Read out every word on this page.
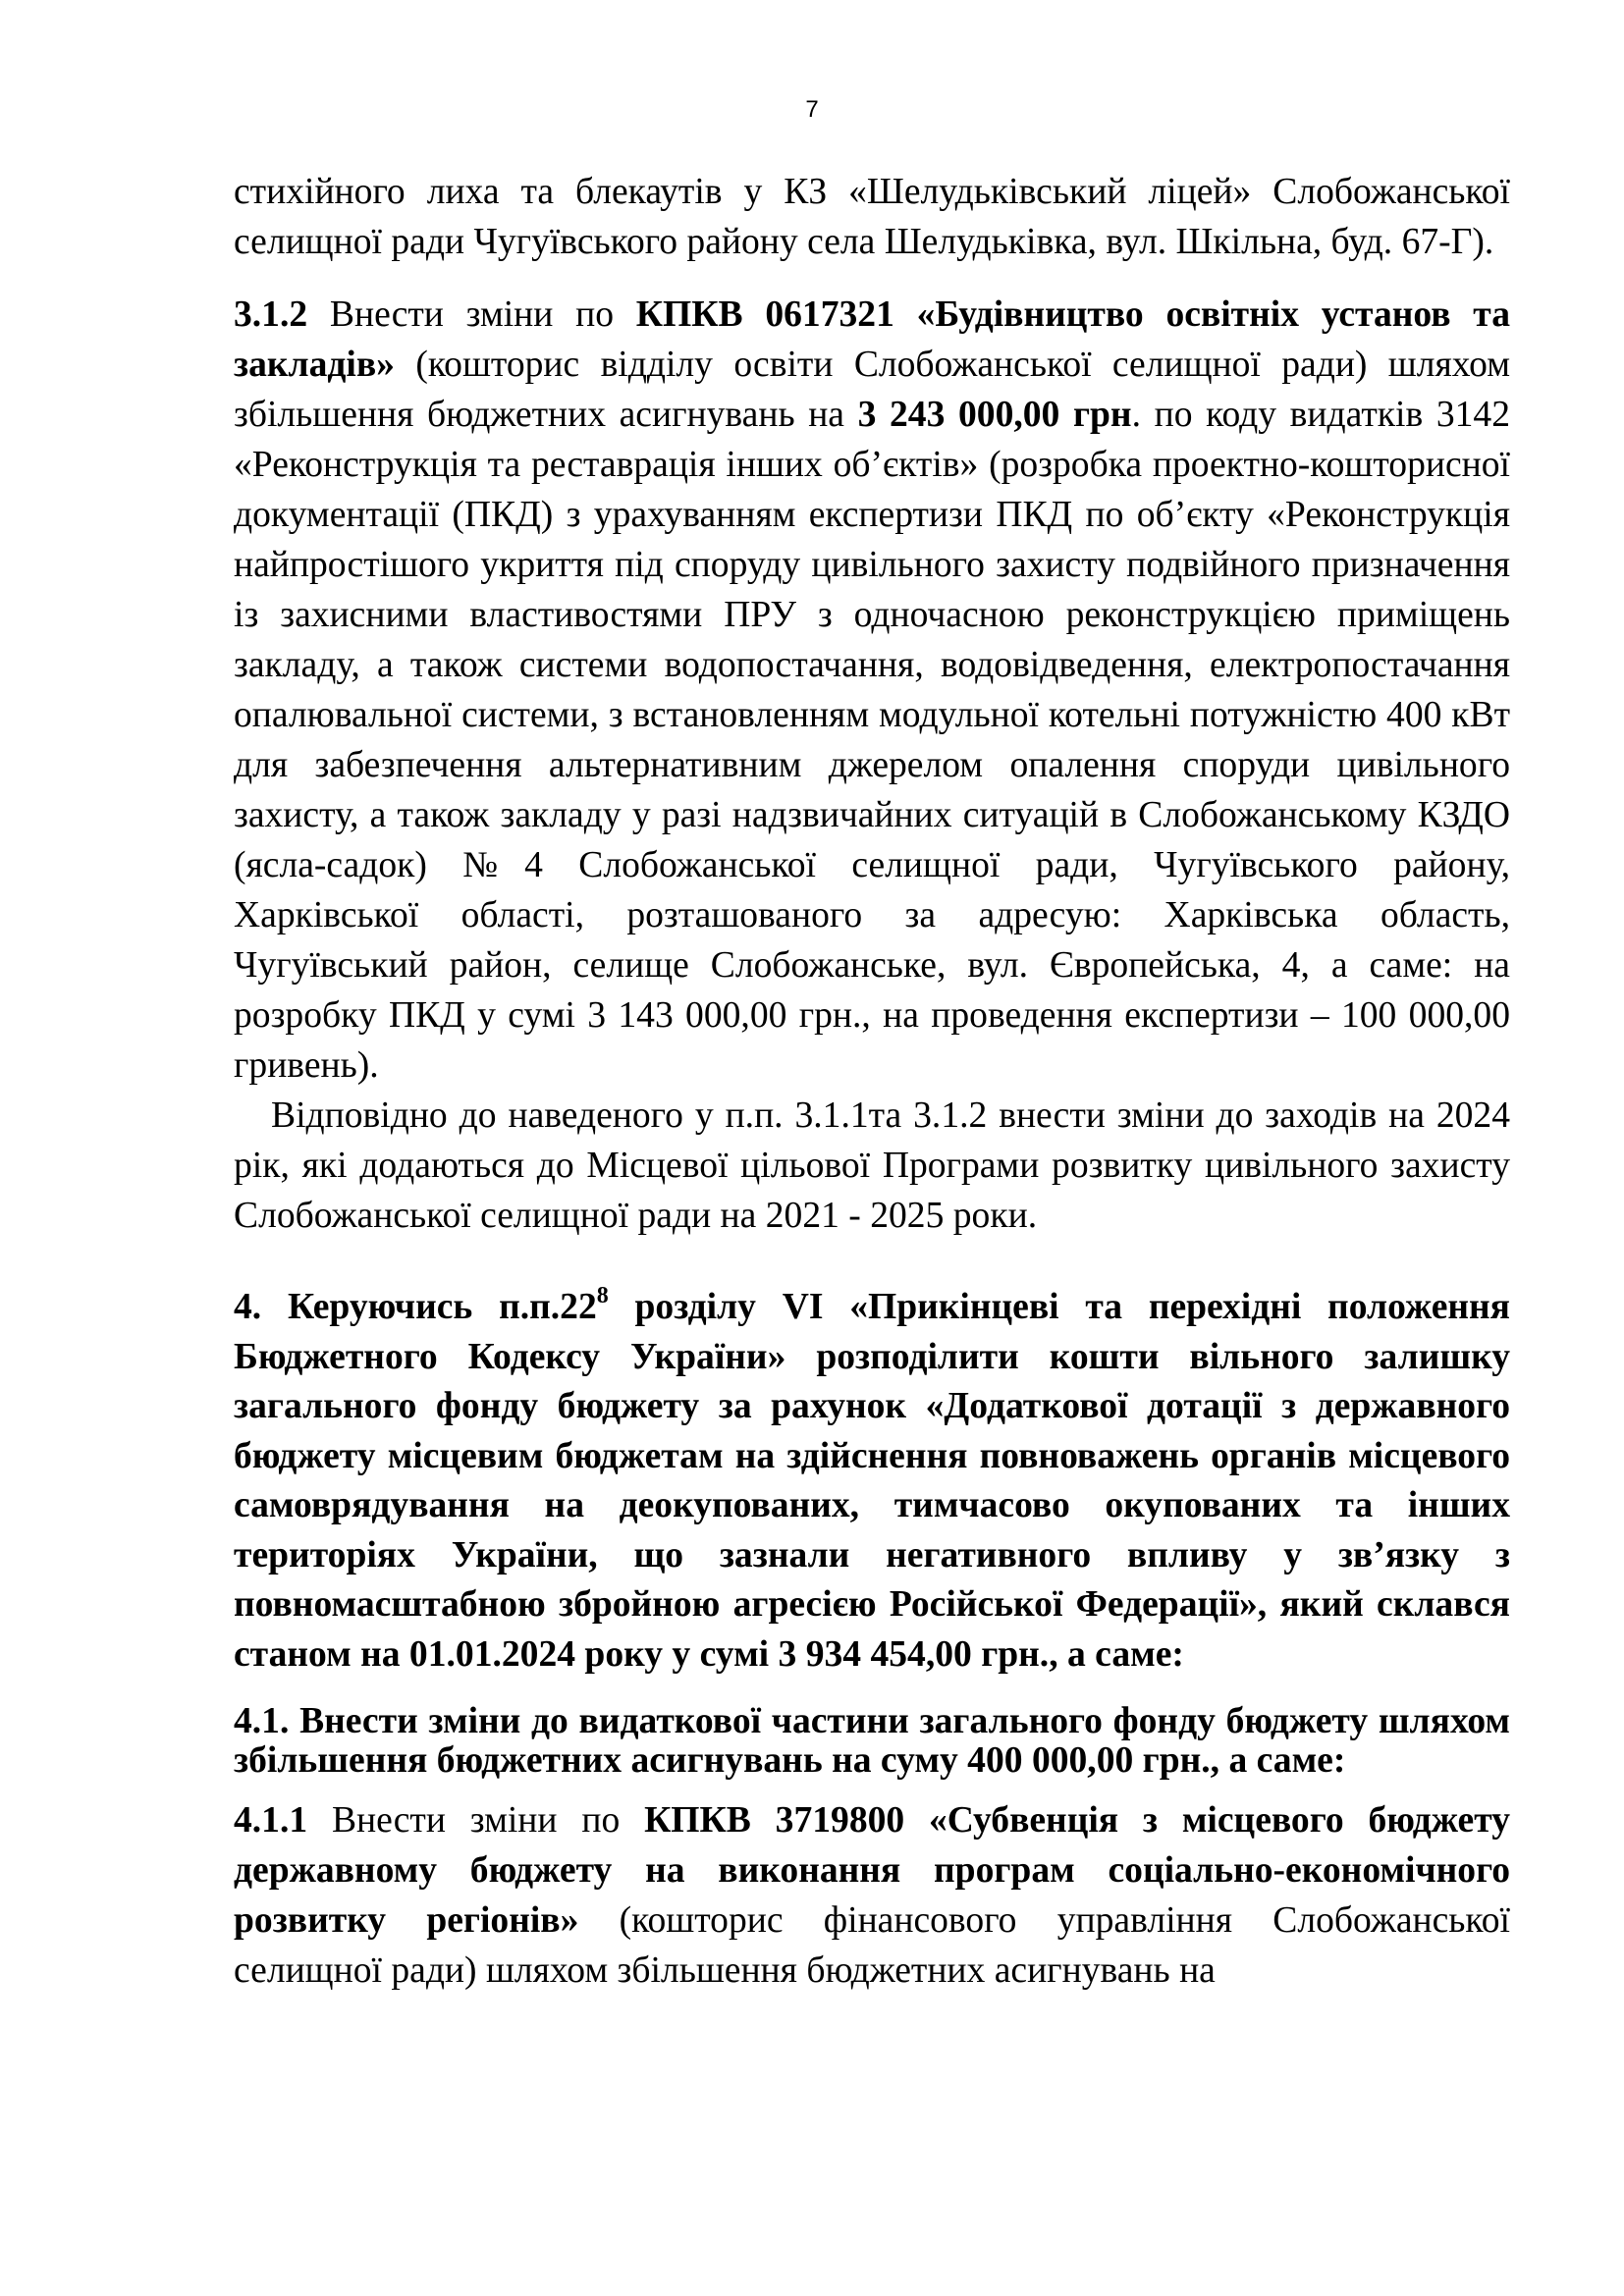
7

стихійного лиха та блекаутів у КЗ «Шелудьківський ліцей» Слобожанської селищної ради Чугуївського району села Шелудьківка, вул. Шкільна, буд. 67-Г).

3.1.2 Внести зміни по КПКВ 0617321 «Будівництво освітніх установ та закладів» (кошторис відділу освіти Слобожанської селищної ради) шляхом збільшення бюджетних асигнувань на 3 243 000,00 грн. по коду видатків 3142 «Реконструкція та реставрація інших об’єктів» (розробка проектно-кошторисної документації (ПКД) з урахуванням експертизи ПКД по об’єкту «Реконструкція найпростішого укриття під споруду цивільного захисту подвійного призначення із захисними властивостями ПРУ з одночасною реконструкцією приміщень закладу, а також системи водопостачання, водовідведення, електропостачання опалювальної системи, з встановленням модульної котельні потужністю 400 кВт для забезпечення альтернативним джерелом опалення споруди цивільного захисту, а також закладу у разі надзвичайних ситуацій в Слобожанському КЗДО (ясла-садок) №4 Слобожанської селищної ради, Чугуївського району, Харківської області, розташованого за адресую: Харківська область, Чугуївський район, селище Слобожанське, вул. Європейська, 4, а саме: на розробку ПКД у сумі 3 143 000,00 грн., на проведення експертизи – 100 000,00 гривень).

Відповідно до наведеного у п.п. 3.1.1та 3.1.2 внести зміни до заходів на 2024 рік, які додаються до Місцевої цільової Програми розвитку цивільного захисту Слобожанської селищної ради на 2021 - 2025 роки.

4. Керуючись $п.п.22^8$ розділу VI «Прикінцеві та перехідні положення Бюджетного Кодексу України» розподілити кошти вільного залишку загального фонду бюджету за рахунок «Додаткової дотації з державного бюджету місцевим бюджетам на здійснення повноважень органів місцевого самоврядування на деокупованих, тимчасово окупованих та інших територіях України, що зазнали негативного впливу у зв’язку з повномасштабною збройною агресією Російської Федерації», який склався станом на 01.01.2024 року у сумі 3 934 454,00 грн., а саме:

4.1. Внести зміни до видаткової частини загального фонду бюджету шляхом збільшення бюджетних асигнувань на суму 400 000,00 грн., а саме:

4.1.1 Внести зміни по КПКВ 3719800 «Субвенція з місцевого бюджету державному бюджету на виконання програм соціально-економічного розвитку регіонів» (кошторис фінансового управління Слобожанської селищної ради) шляхом збільшення бюджетних асигнувань на
